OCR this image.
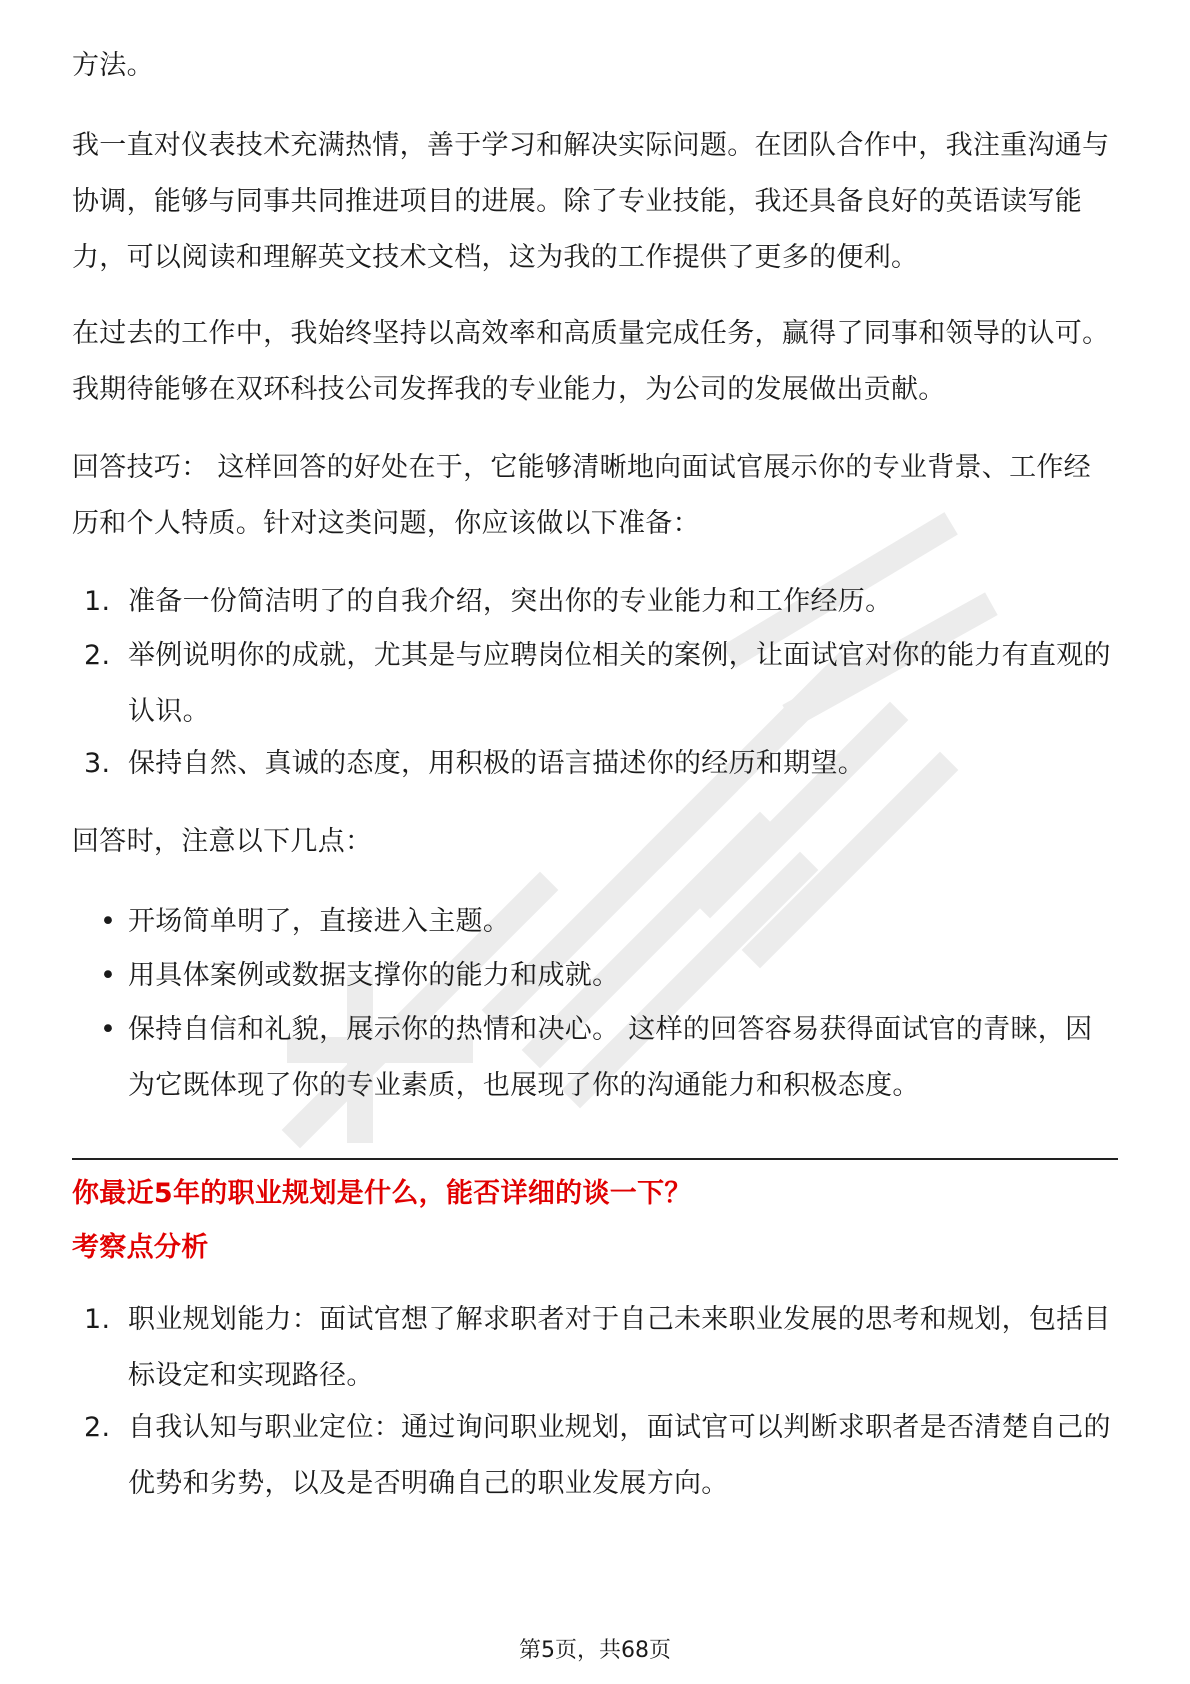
方法。

我一直对仪表技术充满热情，善于学习和解决实际问题。在团队合作中，我注重沟通与协调，能够与同事共同推进项目的进展。除了专业技能，我还具备良好的英语读写能力，可以阅读和理解英文技术文档，这为我的工作提供了更多的便利。

在过去的工作中，我始终坚持以高效率和高质量完成任务，赢得了同事和领导的认可。我期待能够在双环科技公司发挥我的专业能力，为公司的发展做出贡献。

回答技巧： 这样回答的好处在于，它能够清晰地向面试官展示你的专业背景、工作经历和个人特质。针对这类问题，你应该做以下准备：

1. 准备一份简洁明了的自我介绍，突出你的专业能力和工作经历。
2. 举例说明你的成就，尤其是与应聘岗位相关的案例，让面试官对你的能力有直观的认识。
3. 保持自然、真诚的态度，用积极的语言描述你的经历和期望。

回答时，注意以下几点：

• 开场简单明了，直接进入主题。
• 用具体案例或数据支撑你的能力和成就。
• 保持自信和礼貌，展示你的热情和决心。 这样的回答容易获得面试官的青睐，因为它既体现了你的专业素质，也展现了你的沟通能力和积极态度。

你最近5年的职业规划是什么，能否详细的谈一下？

考察点分析

1. 职业规划能力：面试官想了解求职者对于自己未来职业发展的思考和规划，包括目标设定和实现路径。
2. 自我认知与职业定位：通过询问职业规划，面试官可以判断求职者是否清楚自己的优势和劣势，以及是否明确自己的职业发展方向。
第5页，共68页
